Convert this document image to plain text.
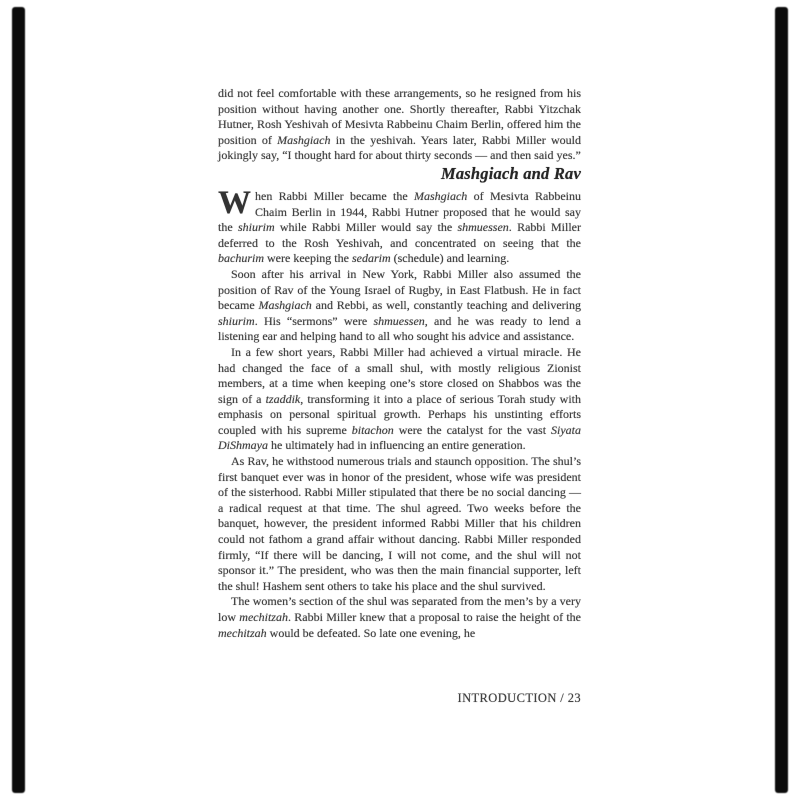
did not feel comfortable with these arrangements, so he resigned from his position without having another one. Shortly thereafter, Rabbi Yitzchak Hutner, Rosh Yeshivah of Mesivta Rabbeinu Chaim Berlin, offered him the position of Mashgiach in the yeshivah. Years later, Rabbi Miller would jokingly say, “I thought hard for about thirty seconds — and then said yes.”

Mashgiach and Rav

When Rabbi Miller became the Mashgiach of Mesivta Rabbeinu Chaim Berlin in 1944, Rabbi Hutner proposed that he would say the shiurim while Rabbi Miller would say the shmuessen. Rabbi Miller deferred to the Rosh Yeshivah, and concentrated on seeing that the bachurim were keeping the sedarim (schedule) and learning.

Soon after his arrival in New York, Rabbi Miller also assumed the position of Rav of the Young Israel of Rugby, in East Flatbush. He in fact became Mashgiach and Rebbi, as well, constantly teaching and delivering shiurim. His “sermons” were shmuessen, and he was ready to lend a listening ear and helping hand to all who sought his advice and assistance.

In a few short years, Rabbi Miller had achieved a virtual miracle. He had changed the face of a small shul, with mostly religious Zionist members, at a time when keeping one’s store closed on Shabbos was the sign of a tzaddik, transforming it into a place of serious Torah study with emphasis on personal spiritual growth. Perhaps his unstinting efforts coupled with his supreme bitachon were the catalyst for the vast Siyata DiShmaya he ultimately had in influencing an entire generation.

As Rav, he withstood numerous trials and staunch opposition. The shul’s first banquet ever was in honor of the president, whose wife was president of the sisterhood. Rabbi Miller stipulated that there be no social dancing — a radical request at that time. The shul agreed. Two weeks before the banquet, however, the president informed Rabbi Miller that his children could not fathom a grand affair without dancing. Rabbi Miller responded firmly, “If there will be dancing, I will not come, and the shul will not sponsor it.” The president, who was then the main financial supporter, left the shul! Hashem sent others to take his place and the shul survived.

The women’s section of the shul was separated from the men’s by a very low mechitzah. Rabbi Miller knew that a proposal to raise the height of the mechitzah would be defeated. So late one evening, he

INTRODUCTION / 23
